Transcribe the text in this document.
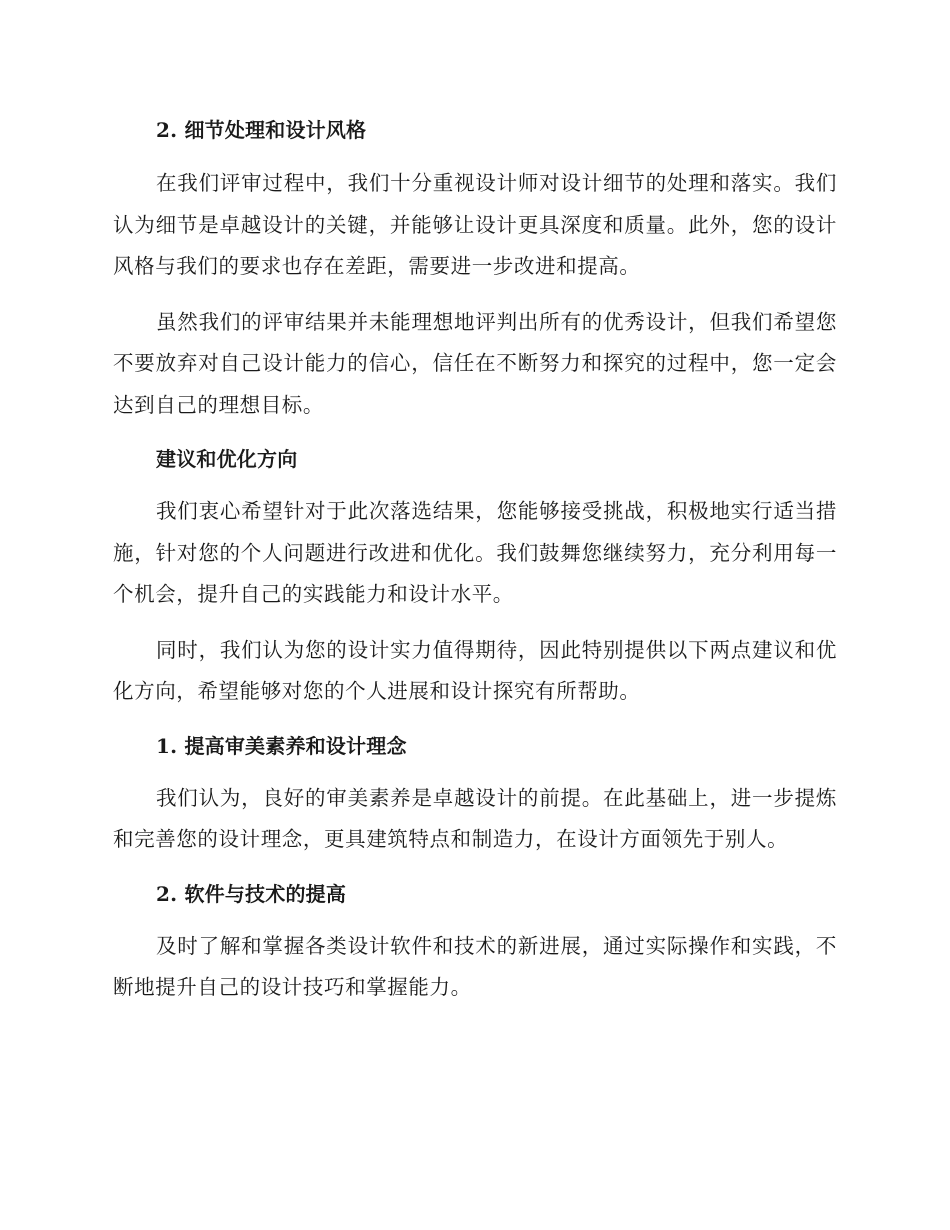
2. 细节处理和设计风格

在我们评审过程中，我们十分重视设计师对设计细节的处理和落实。我们认为细节是卓越设计的关键，并能够让设计更具深度和质量。此外，您的设计风格与我们的要求也存在差距，需要进一步改进和提高。

虽然我们的评审结果并未能理想地评判出所有的优秀设计，但我们希望您不要放弃对自己设计能力的信心，信任在不断努力和探究的过程中，您一定会达到自己的理想目标。

建议和优化方向

我们衷心希望针对于此次落选结果，您能够接受挑战，积极地实行适当措施，针对您的个人问题进行改进和优化。我们鼓舞您继续努力，充分利用每一个机会，提升自己的实践能力和设计水平。

同时，我们认为您的设计实力值得期待，因此特别提供以下两点建议和优化方向，希望能够对您的个人进展和设计探究有所帮助。

1. 提高审美素养和设计理念

我们认为，良好的审美素养是卓越设计的前提。在此基础上，进一步提炼和完善您的设计理念，更具建筑特点和制造力，在设计方面领先于别人。

2. 软件与技术的提高

及时了解和掌握各类设计软件和技术的新进展，通过实际操作和实践，不断地提升自己的设计技巧和掌握能力。
